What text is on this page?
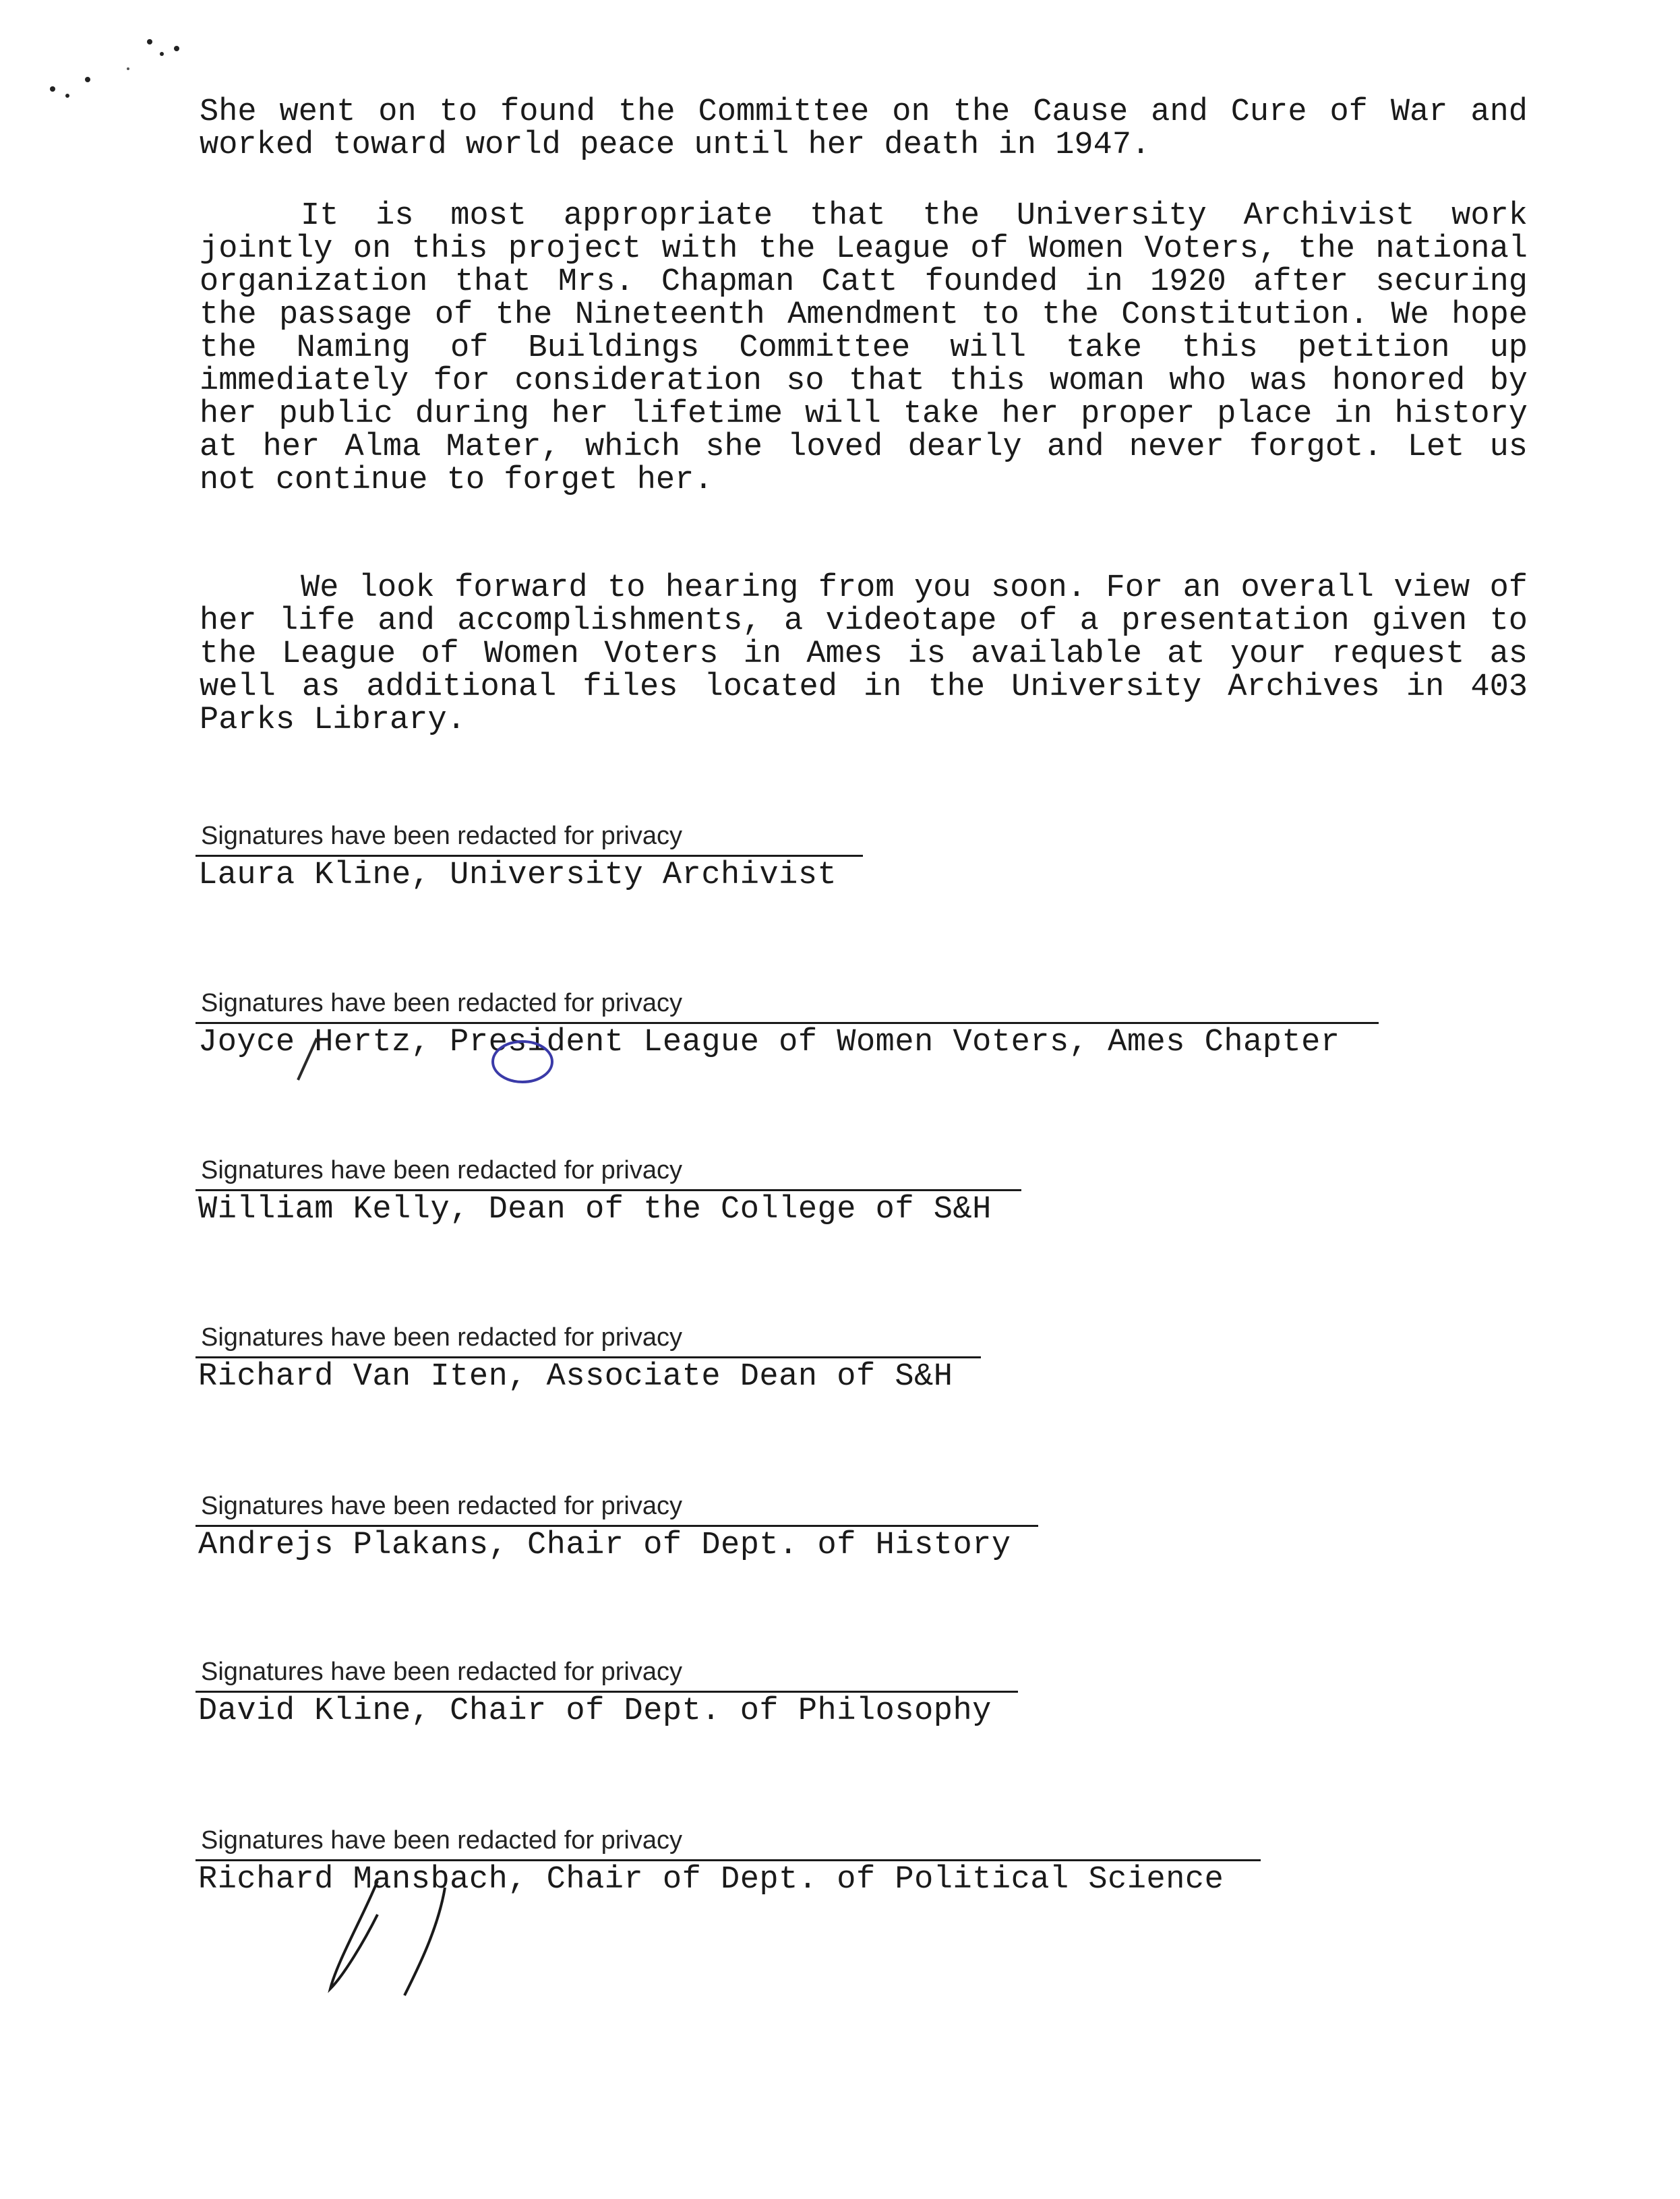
She went on to found the Committee on the Cause and Cure of War and worked toward world peace until her death in 1947.

It is most appropriate that the University Archivist work jointly on this project with the League of Women Voters, the national organization that Mrs. Chapman Catt founded in 1920 after securing the passage of the Nineteenth Amendment to the Constitution. We hope the Naming of Buildings Committee will take this petition up immediately for consideration so that this woman who was honored by her public during her lifetime will take her proper place in history at her Alma Mater, which she loved dearly and never forgot. Let us not continue to forget her.

We look forward to hearing from you soon. For an overall view of her life and accomplishments, a videotape of a presentation given to the League of Women Voters in Ames is available at your request as well as additional files located in the University Archives in 403 Parks Library.

Signatures have been redacted for privacy
Laura Kline, University Archivist
Signatures have been redacted for privacy
Joyce Hertz, President League of Women Voters, Ames Chapter
Signatures have been redacted for privacy
William Kelly, Dean of the College of S&H
Signatures have been redacted for privacy
Richard Van Iten, Associate Dean of S&H
Signatures have been redacted for privacy
Andrejs Plakans, Chair of Dept. of History
Signatures have been redacted for privacy
David Kline, Chair of Dept. of Philosophy
Signatures have been redacted for privacy
Richard Mansbach, Chair of Dept. of Political Science
